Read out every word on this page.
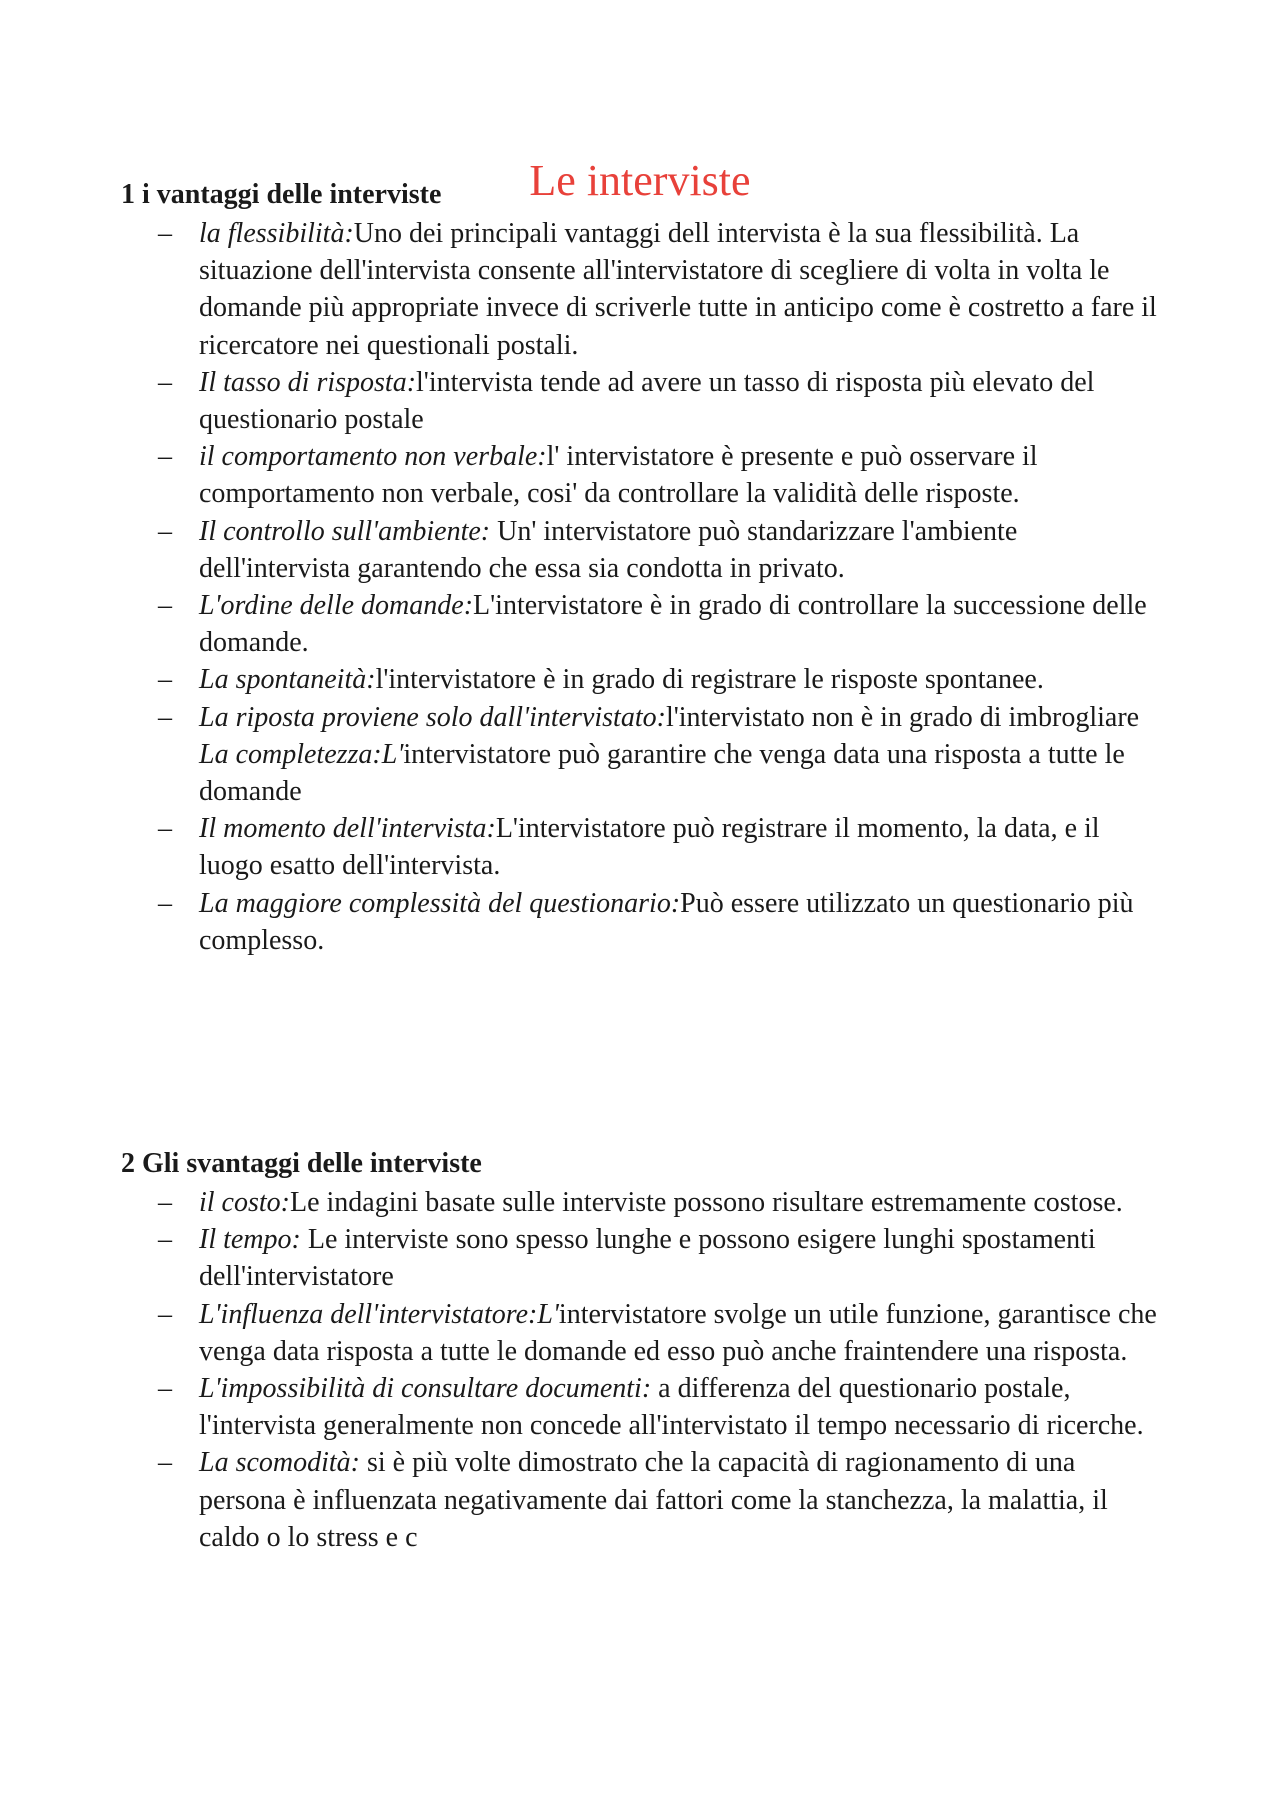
Le interviste
1 i vantaggi delle interviste
– la flessibilità:Uno dei principali vantaggi dell intervista è la sua flessibilità. La situazione dell'intervista consente all'intervistatore di scegliere di volta in volta le domande più appropriate invece di scriverle tutte in anticipo come è costretto a fare il ricercatore nei questionali postali.
– Il tasso di risposta:l'intervista tende ad avere un tasso di risposta più elevato del questionario postale
– il comportamento non verbale:l' intervistatore è presente e può osservare il comportamento non verbale, cosi' da controllare la validità delle risposte.
– Il controllo sull'ambiente: Un' intervistatore può standarizzare l'ambiente dell'intervista garantendo che essa sia condotta in privato.
– L'ordine delle domande:L'intervistatore è in grado di controllare la successione delle domande.
– La spontaneità:l'intervistatore è in grado di registrare le risposte spontanee.
– La riposta proviene solo dall'intervistato:l'intervistato non è in grado di imbrogliare
La completezza:L'intervistatore può garantire che venga data una risposta a tutte le domande
– Il momento dell'intervista:L'intervistatore può registrare il momento, la data, e il luogo esatto dell'intervista.
– La maggiore complessità del questionario:Può essere utilizzato un questionario più complesso.
2 Gli svantaggi delle interviste
– il costo:Le indagini basate sulle interviste possono risultare estremamente costose.
– Il tempo: Le interviste sono spesso lunghe e possono esigere lunghi spostamenti dell'intervistatore
– L'influenza dell'intervistatore:L'intervistatore svolge un utile funzione, garantisce che venga data risposta a tutte le domande ed esso può anche fraintendere una risposta.
– L'impossibilità di consultare documenti: a differenza del questionario postale, l'intervista generalmente non concede all'intervistato il tempo necessario di ricerche.
– La scomodità: si è più volte dimostrato che la capacità di ragionamento di una persona è influenzata negativamente dai fattori come la stanchezza, la malattia, il caldo o lo stress e c
